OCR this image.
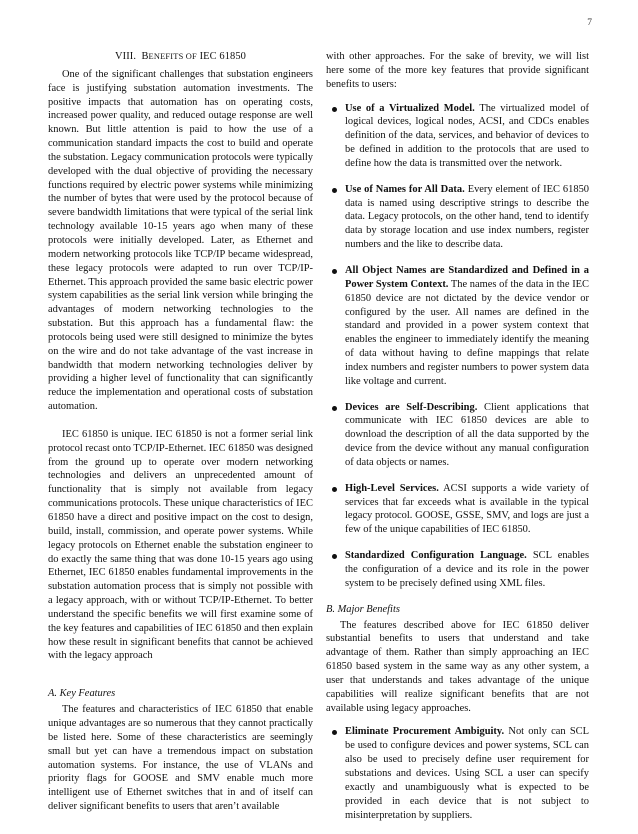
7
VIII. BENEFITS OF IEC 61850

One of the significant challenges that substation engineers face is justifying substation automation investments. The positive impacts that automation has on operating costs, increased power quality, and reduced outage response are well known. But little attention is paid to how the use of a communication standard impacts the cost to build and operate the substation. Legacy communication protocols were typically developed with the dual objective of providing the necessary functions required by electric power systems while minimizing the number of bytes that were used by the protocol because of severe bandwidth limitations that were typical of the serial link technology available 10-15 years ago when many of these protocols were initially developed. Later, as Ethernet and modern networking protocols like TCP/IP became widespread, these legacy protocols were adapted to run over TCP/IP-Ethernet. This approach provided the same basic electric power system capabilities as the serial link version while bringing the advantages of modern networking technologies to the substation. But this approach has a fundamental flaw: the protocols being used were still designed to minimize the bytes on the wire and do not take advantage of the vast increase in bandwidth that modern networking technologies deliver by providing a higher level of functionality that can significantly reduce the implementation and operational costs of substation automation.

IEC 61850 is unique. IEC 61850 is not a former serial link protocol recast onto TCP/IP-Ethernet. IEC 61850 was designed from the ground up to operate over modern networking technologies and delivers an unprecedented amount of functionality that is simply not available from legacy communications protocols. These unique characteristics of IEC 61850 have a direct and positive impact on the cost to design, build, install, commission, and operate power systems. While legacy protocols on Ethernet enable the substation engineer to do exactly the same thing that was done 10-15 years ago using Ethernet, IEC 61850 enables fundamental improvements in the substation automation process that is simply not possible with a legacy approach, with or without TCP/IP-Ethernet. To better understand the specific benefits we will first examine some of the key features and capabilities of IEC 61850 and then explain how these result in significant benefits that cannot be achieved with the legacy approach

A. Key Features

The features and characteristics of IEC 61850 that enable unique advantages are so numerous that they cannot practically be listed here. Some of these characteristics are seemingly small but yet can have a tremendous impact on substation automation systems. For instance, the use of VLANs and priority flags for GOOSE and SMV enable much more intelligent use of Ethernet switches that in and of itself can deliver significant benefits to users that aren’t available

with other approaches. For the sake of brevity, we will list here some of the more key features that provide significant benefits to users:

Use of a Virtualized Model. The virtualized model of logical devices, logical nodes, ACSI, and CDCs enables definition of the data, services, and behavior of devices to be defined in addition to the protocols that are used to define how the data is transmitted over the network.
Use of Names for All Data. Every element of IEC 61850 data is named using descriptive strings to describe the data. Legacy protocols, on the other hand, tend to identify data by storage location and use index numbers, register numbers and the like to describe data.
All Object Names are Standardized and Defined in a Power System Context. The names of the data in the IEC 61850 device are not dictated by the device vendor or configured by the user. All names are defined in the standard and provided in a power system context that enables the engineer to immediately identify the meaning of data without having to define mappings that relate index numbers and register numbers to power system data like voltage and current.
Devices are Self-Describing. Client applications that communicate with IEC 61850 devices are able to download the description of all the data supported by the device from the device without any manual configuration of data objects or names.
High-Level Services. ACSI supports a wide variety of services that far exceeds what is available in the typical legacy protocol. GOOSE, GSSE, SMV, and logs are just a few of the unique capabilities of IEC 61850.
Standardized Configuration Language. SCL enables the configuration of a device and its role in the power system to be precisely defined using XML files.
B. Major Benefits

The features described above for IEC 61850 deliver substantial benefits to users that understand and take advantage of them. Rather than simply approaching an IEC 61850 based system in the same way as any other system, a user that understands and takes advantage of the unique capabilities will realize significant benefits that are not available using legacy approaches.

Eliminate Procurement Ambiguity. Not only can SCL be used to configure devices and power systems, SCL can also be used to precisely define user requirement for substations and devices. Using SCL a user can specify exactly and unambiguously what is expected to be provided in each device that is not subject to misinterpretation by suppliers.
